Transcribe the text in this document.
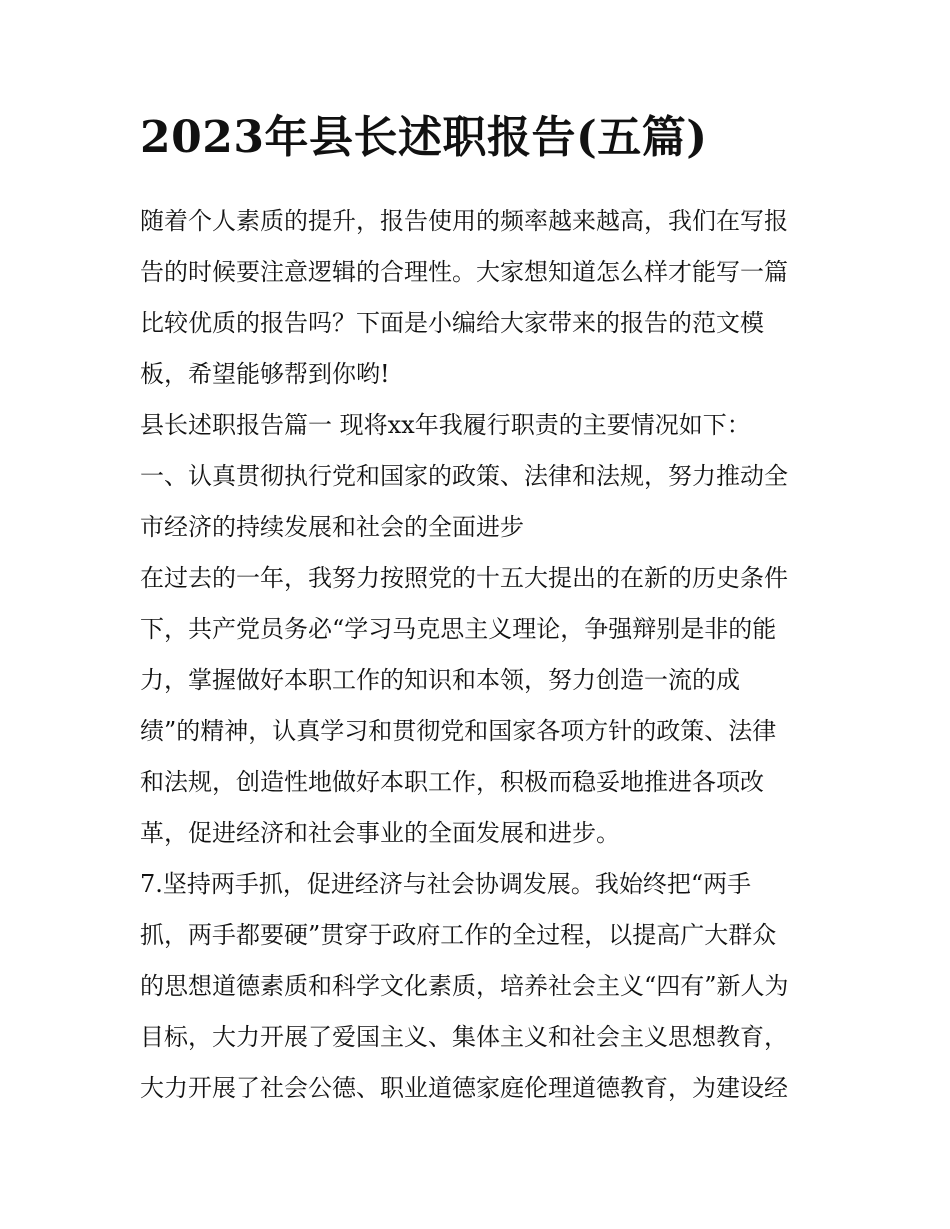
2023年县长述职报告(五篇)
随着个人素质的提升，报告使用的频率越来越高，我们在写报
告的时候要注意逻辑的合理性。大家想知道怎么样才能写一篇
比较优质的报告吗？下面是小编给大家带来的报告的范文模
板，希望能够帮到你哟!
县长述职报告篇一 现将xx年我履行职责的主要情况如下：
一、认真贯彻执行党和国家的政策、法律和法规，努力推动全
市经济的持续发展和社会的全面进步
在过去的一年，我努力按照党的十五大提出的在新的历史条件
下，共产党员务必“学习马克思主义理论，争强辩别是非的能
力，掌握做好本职工作的知识和本领，努力创造一流的成
绩”的精神，认真学习和贯彻党和国家各项方针的政策、法律
和法规，创造性地做好本职工作，积极而稳妥地推进各项改
革，促进经济和社会事业的全面发展和进步。
7.坚持两手抓，促进经济与社会协调发展。我始终把“两手
抓，两手都要硬”贯穿于政府工作的全过程，以提高广大群众
的思想道德素质和科学文化素质，培养社会主义“四有”新人为
目标，大力开展了爱国主义、集体主义和社会主义思想教育，
大力开展了社会公德、职业道德家庭伦理道德教育，为建设经
